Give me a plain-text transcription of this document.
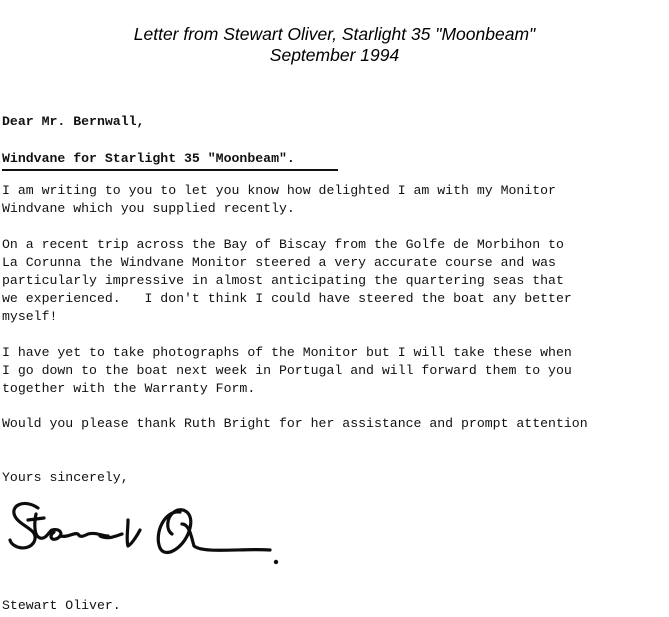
Letter from Stewart Oliver, Starlight 35 "Moonbeam"
September 1994
Dear Mr. Bernwall,
Windvane for Starlight 35 "Moonbeam".
I am writing to you to let you know how delighted I am with my Monitor
Windvane which you supplied recently.
On a recent trip across the Bay of Biscay from the Golfe de Morbihon to
La Corunna the Windvane Monitor steered a very accurate course and was
particularly impressive in almost anticipating the quartering seas that
we experienced.   I don't think I could have steered the boat any better
myself!
I have yet to take photographs of the Monitor but I will take these when
I go down to the boat next week in Portugal and will forward them to you
together with the Warranty Form.
Would you please thank Ruth Bright for her assistance and prompt attention
Yours sincerely,
Stewart Oliver.
